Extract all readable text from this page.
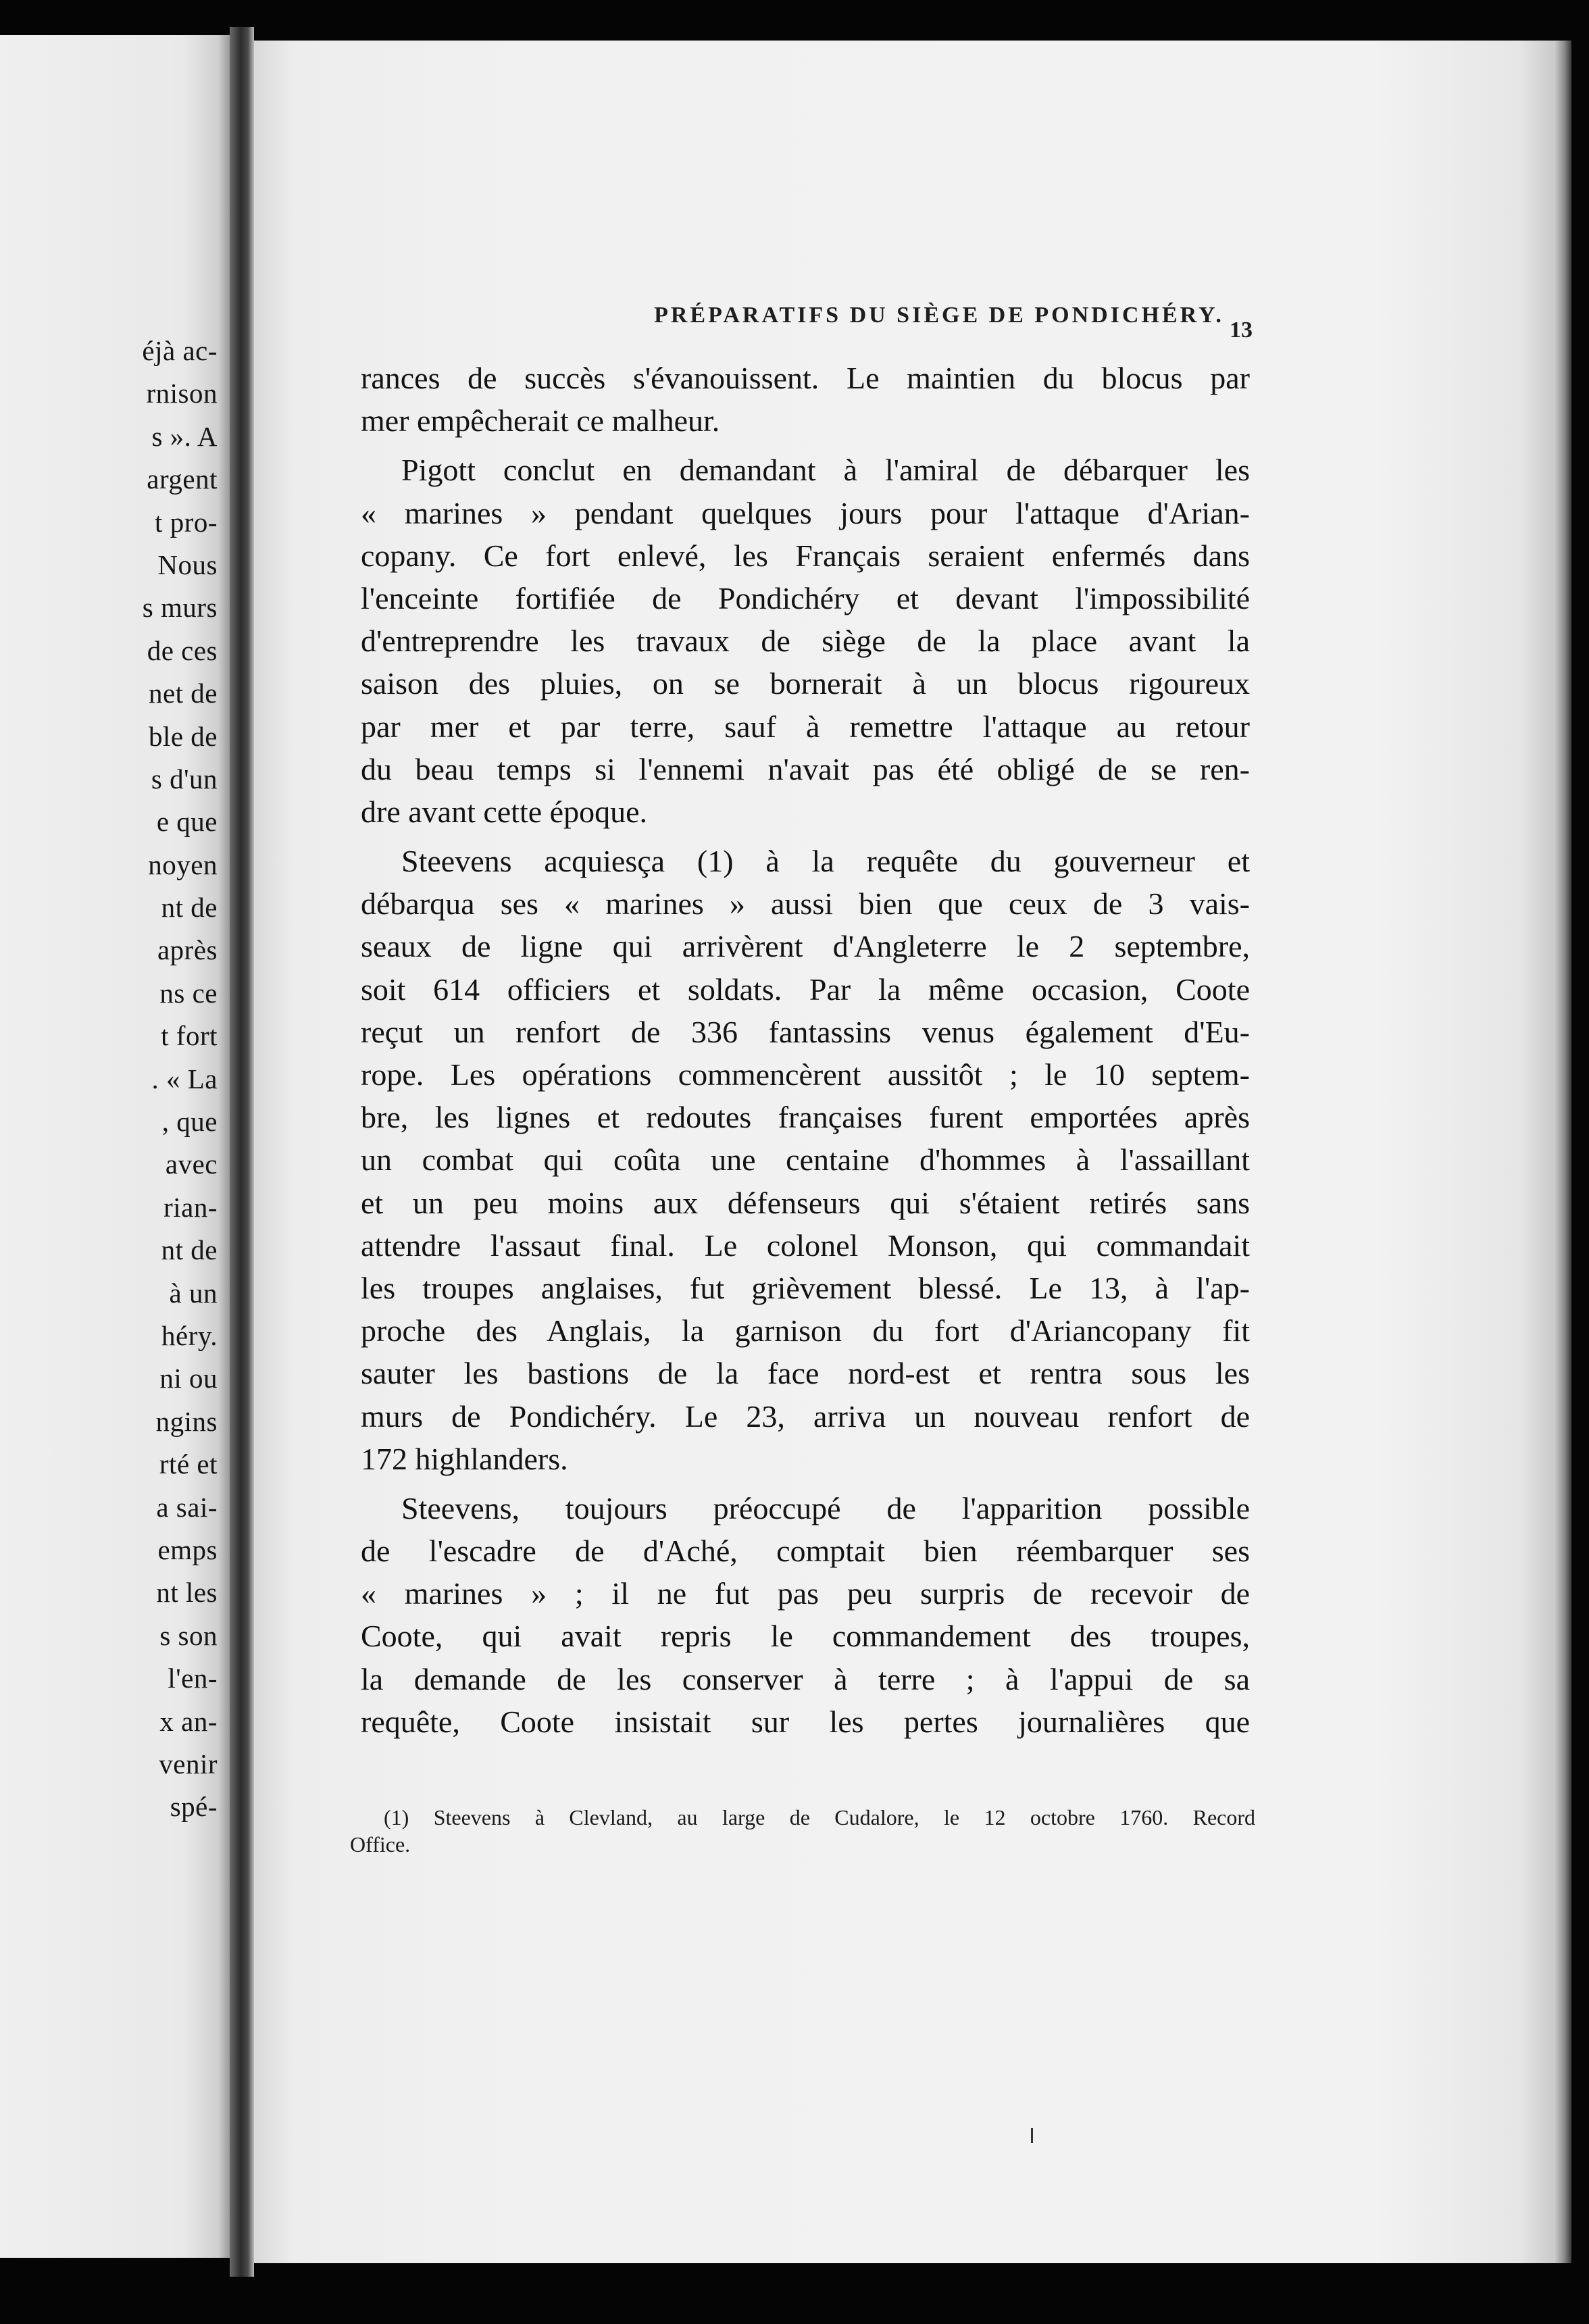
éjà ac-
rnison
s ». A
argent
t pro-
Nous
s murs
de ces
net de
ble de
s d'un
e que
noyen
nt de
après
ns ce
t fort
. « La
, que
avec
rian-
nt de
à un
héry.
ni ou
ngins
rté et
a sai-
emps
nt les
s son
l'en-
x an-
venir
spé-
PRÉPARATIFS DU SIÈGE DE PONDICHÉRY.
13
rances de succès s'évanouissent. Le maintien du blocus par
mer empêcherait ce malheur.
Pigott conclut en demandant à l'amiral de débarquer les
« marines » pendant quelques jours pour l'attaque d'Arian-
copany. Ce fort enlevé, les Français seraient enfermés dans
l'enceinte fortifiée de Pondichéry et devant l'impossibilité
d'entreprendre les travaux de siège de la place avant la
saison des pluies, on se bornerait à un blocus rigoureux
par mer et par terre, sauf à remettre l'attaque au retour
du beau temps si l'ennemi n'avait pas été obligé de se ren-
dre avant cette époque.
Steevens acquiesça (1) à la requête du gouverneur et
débarqua ses « marines » aussi bien que ceux de 3 vais-
seaux de ligne qui arrivèrent d'Angleterre le 2 septembre,
soit 614 officiers et soldats. Par la même occasion, Coote
reçut un renfort de 336 fantassins venus également d'Eu-
rope. Les opérations commencèrent aussitôt ; le 10 septem-
bre, les lignes et redoutes françaises furent emportées après
un combat qui coûta une centaine d'hommes à l'assaillant
et un peu moins aux défenseurs qui s'étaient retirés sans
attendre l'assaut final. Le colonel Monson, qui commandait
les troupes anglaises, fut grièvement blessé. Le 13, à l'ap-
proche des Anglais, la garnison du fort d'Ariancopany fit
sauter les bastions de la face nord-est et rentra sous les
murs de Pondichéry. Le 23, arriva un nouveau renfort de
172 highlanders.
Steevens, toujours préoccupé de l'apparition possible
de l'escadre de d'Aché, comptait bien réembarquer ses
« marines » ; il ne fut pas peu surpris de recevoir de
Coote, qui avait repris le commandement des troupes,
la demande de les conserver à terre ; à l'appui de sa
requête, Coote insistait sur les pertes journalières que
(1) Steevens à Clevland, au large de Cudalore, le 12 octobre 1760. Record
Office.
